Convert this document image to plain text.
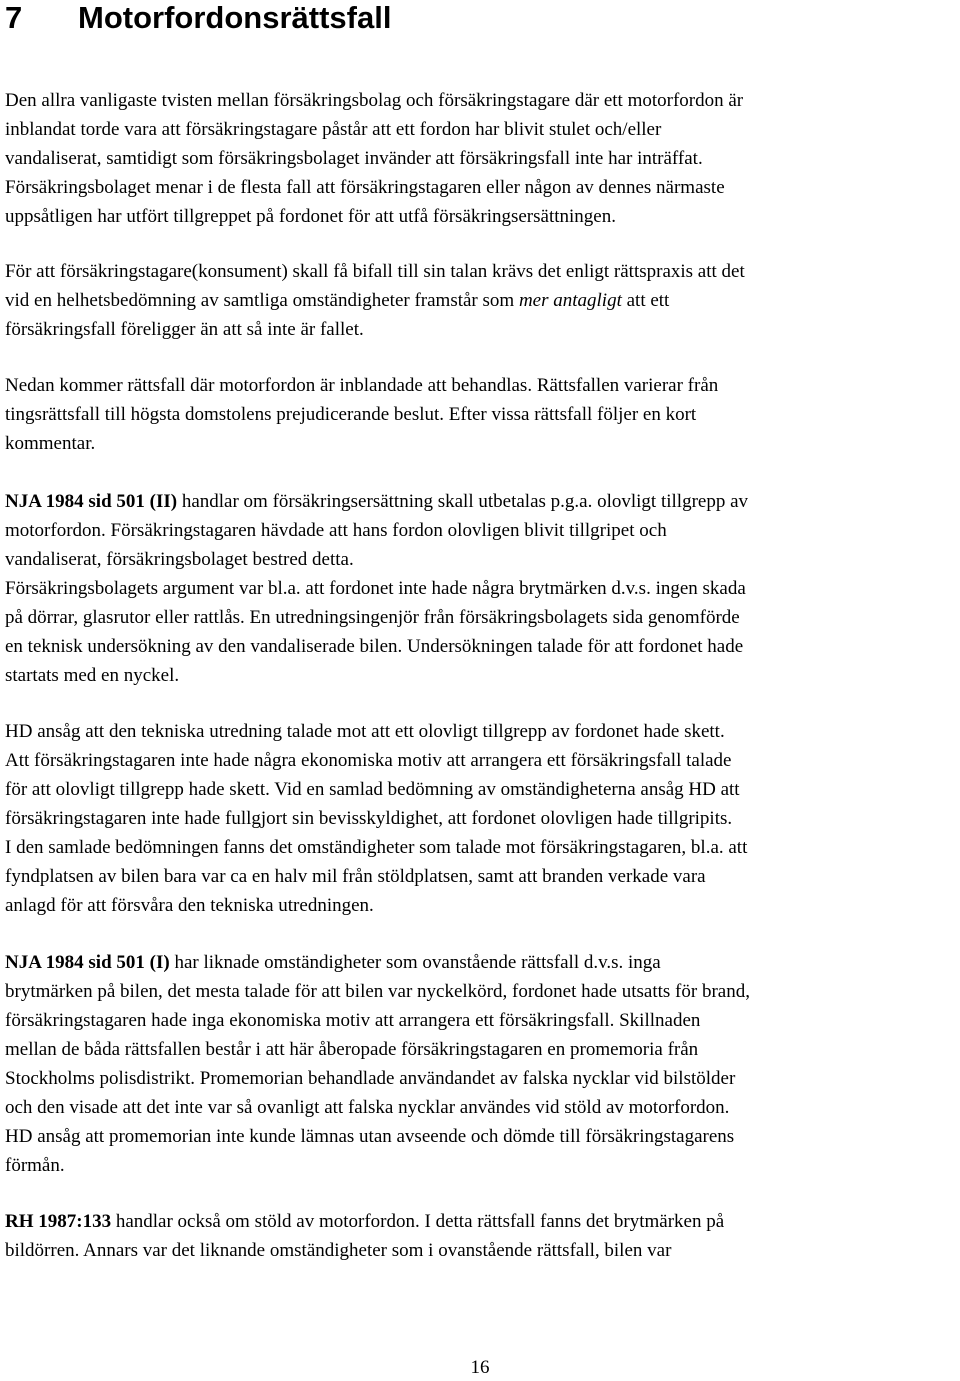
7 Motorfordonsrättsfall
Den allra vanligaste tvisten mellan försäkringsbolag och försäkringstagare där ett motorfordon är
inblandat torde vara att försäkringstagare påstår att ett fordon har blivit stulet och/eller
vandaliserat, samtidigt som försäkringsbolaget invänder att försäkringsfall inte har inträffat.
Försäkringsbolaget menar i de flesta fall att försäkringstagaren eller någon av dennes närmaste
uppsåtligen har utfört tillgreppet på fordonet för att utfå försäkringsersättningen.
För att försäkringstagare(konsument) skall få bifall till sin talan krävs det enligt rättspraxis att det
vid en helhetsbedömning av samtliga omständigheter framstår som mer antagligt att ett
försäkringsfall föreligger än att så inte är fallet.
Nedan kommer rättsfall där motorfordon är inblandade att behandlas. Rättsfallen varierar från
tingsrättsfall till högsta domstolens prejudicerande beslut. Efter vissa rättsfall följer en kort
kommentar.
NJA 1984 sid 501 (II) handlar om försäkringsersättning skall utbetalas p.g.a. olovligt tillgrepp av
motorfordon. Försäkringstagaren hävdade att hans fordon olovligen blivit tillgripet och
vandaliserat, försäkringsbolaget bestred detta.
Försäkringsbolagets argument var bl.a. att fordonet inte hade några brytmärken d.v.s. ingen skada
på dörrar, glasrutor eller rattlås. En utredningsingenjör från försäkringsbolagets sida genomförde
en teknisk undersökning av den vandaliserade bilen. Undersökningen talade för att fordonet hade
startats med en nyckel.
HD ansåg att den tekniska utredning talade mot att ett olovligt tillgrepp av fordonet hade skett.
Att försäkringstagaren inte hade några ekonomiska motiv att arrangera ett försäkringsfall talade
för att olovligt tillgrepp hade skett. Vid en samlad bedömning av omständigheterna ansåg HD att
försäkringstagaren inte hade fullgjort sin bevisskyldighet, att fordonet olovligen hade tillgripits.
I den samlade bedömningen fanns det omständigheter som talade mot försäkringstagaren, bl.a. att
fyndplatsen av bilen bara var ca en halv mil från stöldplatsen, samt att branden verkade vara
anlagd för att försvåra den tekniska utredningen.
NJA 1984 sid 501 (I) har liknade omständigheter som ovanstående rättsfall d.v.s. inga
brytmärken på bilen, det mesta talade för att bilen var nyckelkörd, fordonet hade utsatts för brand,
försäkringstagaren hade inga ekonomiska motiv att arrangera ett försäkringsfall. Skillnaden
mellan de båda rättsfallen består i att här åberopade försäkringstagaren en promemoria från
Stockholms polisdistrikt. Promemorian behandlade användandet av falska nycklar vid bilstölder
och den visade att det inte var så ovanligt att falska nycklar användes vid stöld av motorfordon.
HD ansåg att promemorian inte kunde lämnas utan avseende och dömde till försäkringstagarens
förmån.
RH 1987:133 handlar också om stöld av motorfordon. I detta rättsfall fanns det brytmärken på
bildörren. Annars var det liknande omständigheter som i ovanstående rättsfall, bilen var
16
